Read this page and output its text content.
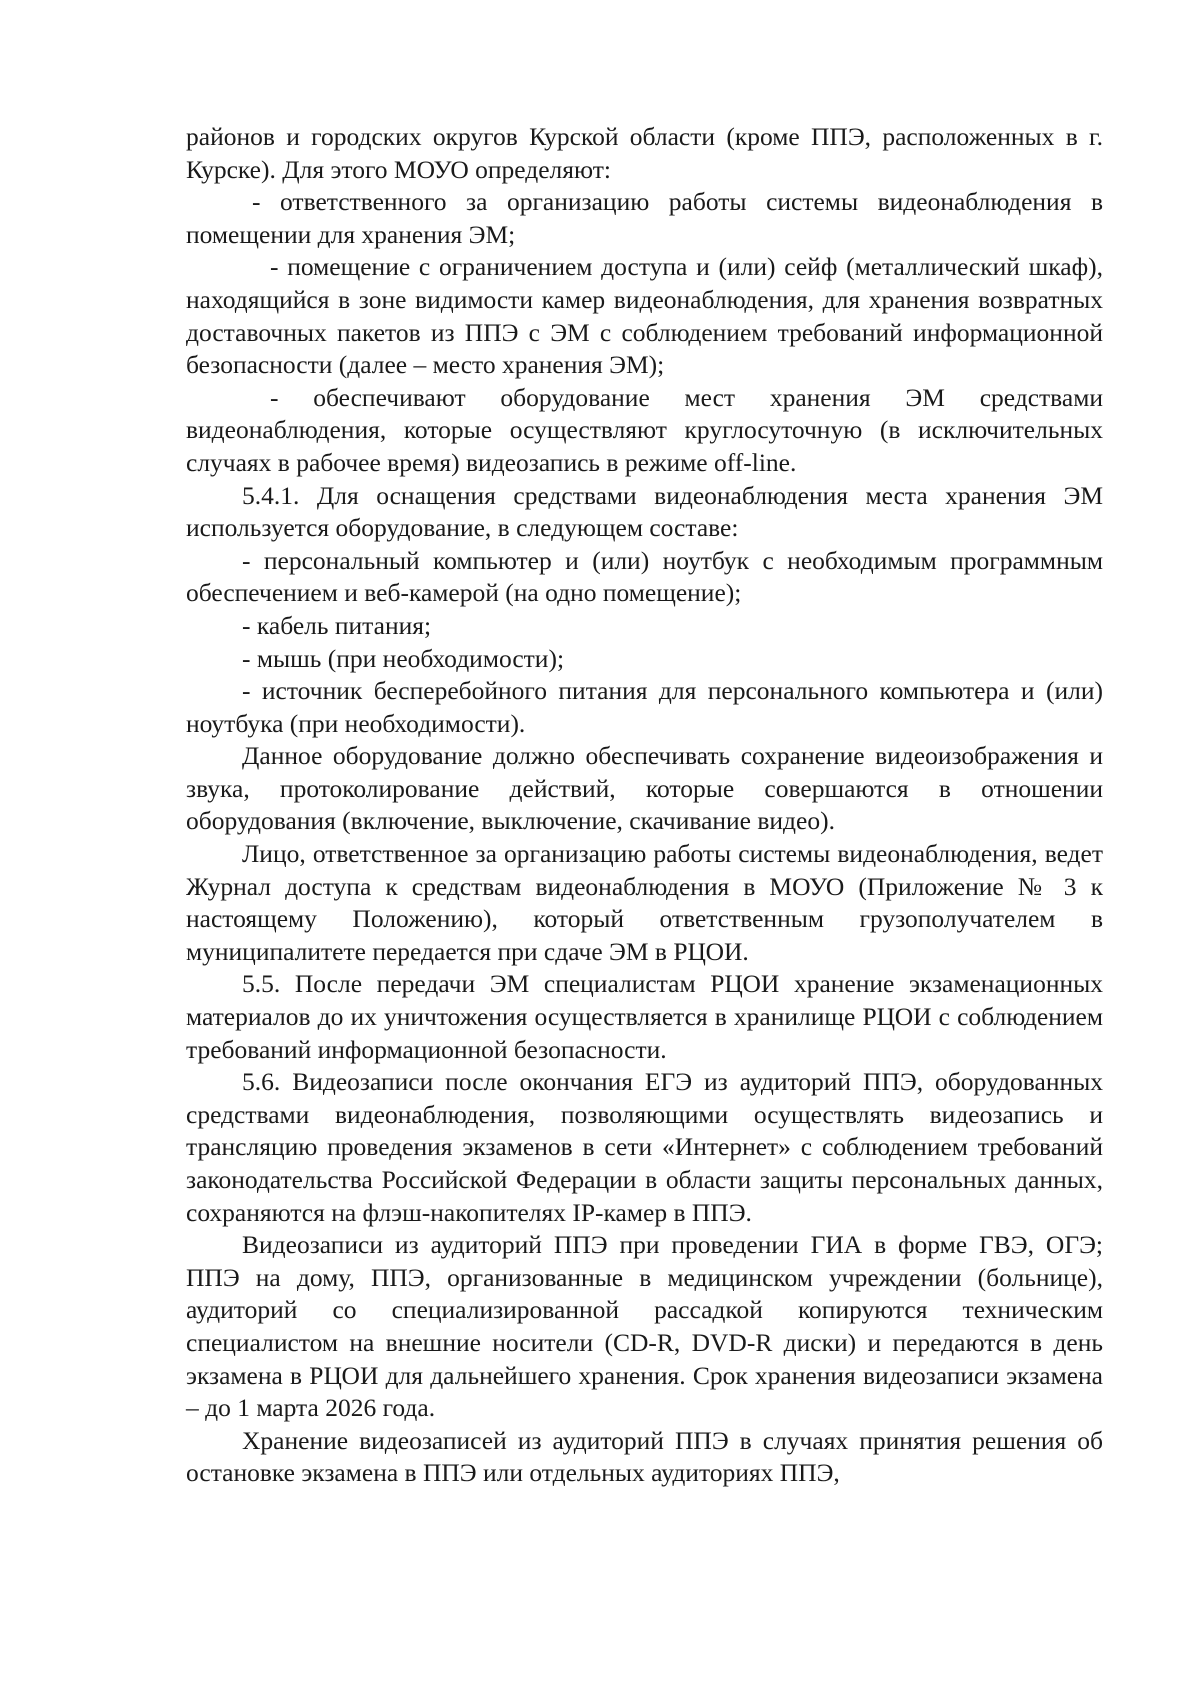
районов и городских округов Курской области (кроме ППЭ, расположенных в г. Курске). Для этого МОУО определяют:

- ответственного за организацию работы системы видеонаблюдения в помещении для хранения ЭМ;

- помещение с ограничением доступа и (или) сейф (металлический шкаф), находящийся в зоне видимости камер видеонаблюдения, для хранения возвратных доставочных пакетов из ППЭ с ЭМ с соблюдением требований информационной безопасности (далее – место хранения ЭМ);

- обеспечивают оборудование мест хранения ЭМ средствами видеонаблюдения, которые осуществляют круглосуточную (в исключительных случаях в рабочее время) видеозапись в режиме off-line.

5.4.1. Для оснащения средствами видеонаблюдения места хранения ЭМ используется оборудование, в следующем составе:

- персональный компьютер и (или) ноутбук с необходимым программным обеспечением и веб-камерой (на одно помещение);

- кабель питания;

- мышь (при необходимости);

- источник бесперебойного питания для персонального компьютера и (или) ноутбука (при необходимости).

Данное оборудование должно обеспечивать сохранение видеоизображения и звука, протоколирование действий, которые совершаются в отношении оборудования (включение, выключение, скачивание видео).

Лицо, ответственное за организацию работы системы видеонаблюдения, ведет Журнал доступа к средствам видеонаблюдения в МОУО (Приложение № 3 к настоящему Положению), который ответственным грузополучателем в муниципалитете передается при сдаче ЭМ в РЦОИ.

5.5. После передачи ЭМ специалистам РЦОИ хранение экзаменационных материалов до их уничтожения осуществляется в хранилище РЦОИ с соблюдением требований информационной безопасности.

5.6. Видеозаписи после окончания ЕГЭ из аудиторий ППЭ, оборудованных средствами видеонаблюдения, позволяющими осуществлять видеозапись и трансляцию проведения экзаменов в сети «Интернет» с соблюдением требований законодательства Российской Федерации в области защиты персональных данных, сохраняются на флэш-накопителях IP-камер в ППЭ.

Видеозаписи из аудиторий ППЭ при проведении ГИА в форме ГВЭ, ОГЭ; ППЭ на дому, ППЭ, организованные в медицинском учреждении (больнице), аудиторий со специализированной рассадкой копируются техническим специалистом на внешние носители (CD-R, DVD-R диски) и передаются в день экзамена в РЦОИ для дальнейшего хранения. Срок хранения видеозаписи экзамена – до 1 марта 2026 года.

Хранение видеозаписей из аудиторий ППЭ в случаях принятия решения об остановке экзамена в ППЭ или отдельных аудиториях ППЭ,
